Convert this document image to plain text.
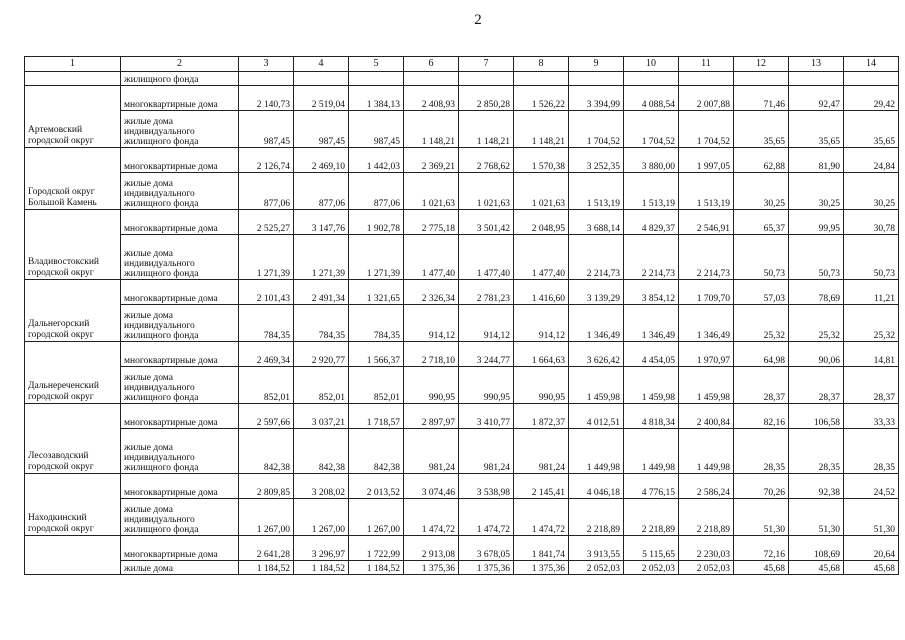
2
1	2	3	4	5	6	7	8	9	10	11	12	13	14
	жилищного фонда												
Артемовский городской округ	многоквартирные дома	2 140,73	2 519,04	1 384,13	2 408,93	2 850,28	1 526,22	3 394,99	4 088,54	2 007,88	71,46	92,47	29,42
	жилые дома индивидуального жилищного фонда	987,45	987,45	987,45	1 148,21	1 148,21	1 148,21	1 704,52	1 704,52	1 704,52	35,65	35,65	35,65
Городской округ Большой Камень	многоквартирные дома	2 126,74	2 469,10	1 442,03	2 369,21	2 768,62	1 570,38	3 252,35	3 880,00	1 997,05	62,88	81,90	24,84
	жилые дома индивидуального жилищного фонда	877,06	877,06	877,06	1 021,63	1 021,63	1 021,63	1 513,19	1 513,19	1 513,19	30,25	30,25	30,25
Владивостокский городской округ	многоквартирные дома	2 525,27	3 147,76	1 902,78	2 775,18	3 501,42	2 048,95	3 688,14	4 829,37	2 546,91	65,37	99,95	30,78
	жилые дома индивидуального жилищного фонда	1 271,39	1 271,39	1 271,39	1 477,40	1 477,40	1 477,40	2 214,73	2 214,73	2 214,73	50,73	50,73	50,73
Дальнегорский городской округ	многоквартирные дома	2 101,43	2 491,34	1 321,65	2 326,34	2 781,23	1 416,60	3 139,29	3 854,12	1 709,70	57,03	78,69	11,21
	жилые дома индивидуального жилищного фонда	784,35	784,35	784,35	914,12	914,12	914,12	1 346,49	1 346,49	1 346,49	25,32	25,32	25,32
Дальнереченский городской округ	многоквартирные дома	2 469,34	2 920,77	1 566,37	2 718,10	3 244,77	1 664,63	3 626,42	4 454,05	1 970,97	64,98	90,06	14,81
	жилые дома индивидуального жилищного фонда	852,01	852,01	852,01	990,95	990,95	990,95	1 459,98	1 459,98	1 459,98	28,37	28,37	28,37
Лесозаводский городской округ	многоквартирные дома	2 597,66	3 037,21	1 718,57	2 897,97	3 410,77	1 872,37	4 012,51	4 818,34	2 400,84	82,16	106,58	33,33
	жилые дома индивидуального жилищного фонда	842,38	842,38	842,38	981,24	981,24	981,24	1 449,98	1 449,98	1 449,98	28,35	28,35	28,35
Находкинский городской округ	многоквартирные дома	2 809,85	3 208,02	2 013,52	3 074,46	3 538,98	2 145,41	4 046,18	4 776,15	2 586,24	70,26	92,38	24,52
	жилые дома индивидуального жилищного фонда	1 267,00	1 267,00	1 267,00	1 474,72	1 474,72	1 474,72	2 218,89	2 218,89	2 218,89	51,30	51,30	51,30
	многоквартирные дома	2 641,28	3 296,97	1 722,99	2 913,08	3 678,05	1 841,74	3 913,55	5 115,65	2 230,03	72,16	108,69	20,64
	жилые дома	1 184,52	1 184,52	1 184,52	1 375,36	1 375,36	1 375,36	2 052,03	2 052,03	2 052,03	45,68	45,68	45,68
